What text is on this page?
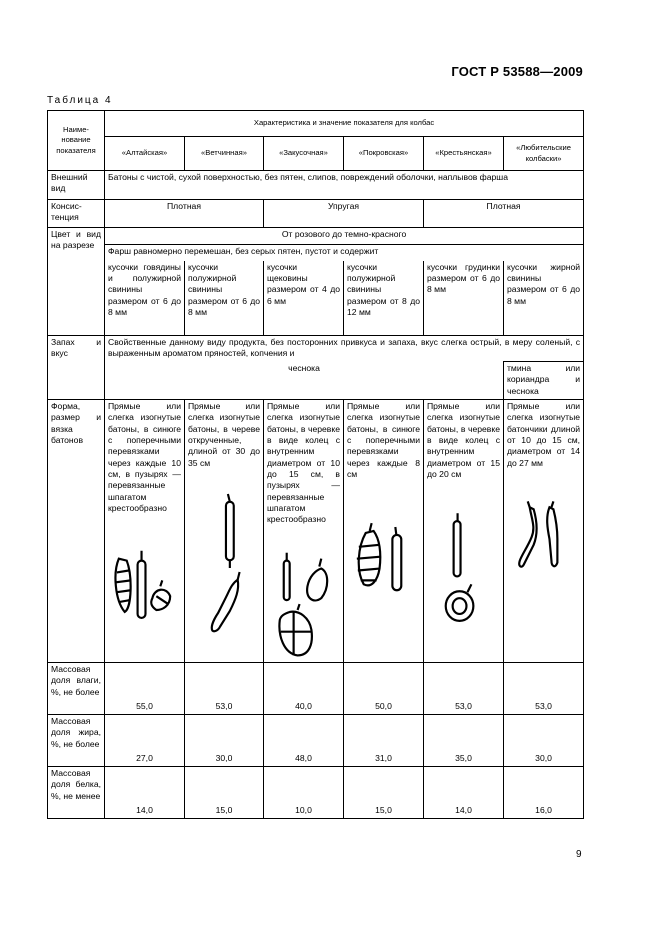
ГОСТ Р 53588—2009
Таблица 4
Наиме-нование показателя	Характеристика и значение показателя для колбас					
	«Алтайская»	«Ветчинная»	«Закусочная»	«Покровская»	«Крестьянская»	«Любительские колбаски»
Внешний вид	Батоны с чистой, сухой поверхностью, без пятен, слипов, повреждений оболочки, наплывов фарша					
Консис-тенция	Плотная		Упругая		Плотная	
Цвет и вид на разрезе	От розового до темно-красного					
	Фарш равномерно перемешан, без серых пятен, пустот и содержит					
	кусочки говядины и полужирной свинины размером от 6 до 8 мм	кусочки полужирной свинины размером от 6 до 8 мм	кусочки щековины размером от 4 до 6 мм	кусочки полужирной свинины размером от 8 до 12 мм	кусочки грудинки размером от 6 до 8 мм	кусочки жирной свинины размером от 6 до 8 мм
Запах и вкус	Свойственные данному виду продукта, без посторонних привкуса и запаха, вкус слегка острый, в меру соленый, с выраженным ароматом пряностей, копчения и					
	чеснока					тмина или кориандра и чеснока
Форма, размер и вязка батонов	Прямые или слегка изогнутые батоны, в синюге с поперечными перевязками через каждые 10 см, в пузырях — перевязанные шпагатом крестообразно	Прямые или слегка изогнутые батоны, в череве открученные, длиной от 30 до 35 см	Прямые или слегка изогнутые батоны, в черевке в виде колец с внутренним диаметром от 10 до 15 см, в пузырях — перевязанные шпагатом крестообразно	Прямые или слегка изогнутые батоны, в синюге с поперечными перевязками через каждые 8 см	Прямые или слегка изогнутые батоны, в черевке в виде колец с внутренним диаметром от 15 до 20 см	Прямые или слегка изогнутые батончики длиной от 10 до 15 см, диаметром от 14 до 27 мм

Массовая доля влаги, %, не более	55,0	53,0	40,0	50,0	53,0	53,0
Массовая доля жира, %, не более	27,0	30,0	48,0	31,0	35,0	30,0
Массовая доля белка, %, не менее	14,0	15,0	10,0	15,0	14,0	16,0
9
